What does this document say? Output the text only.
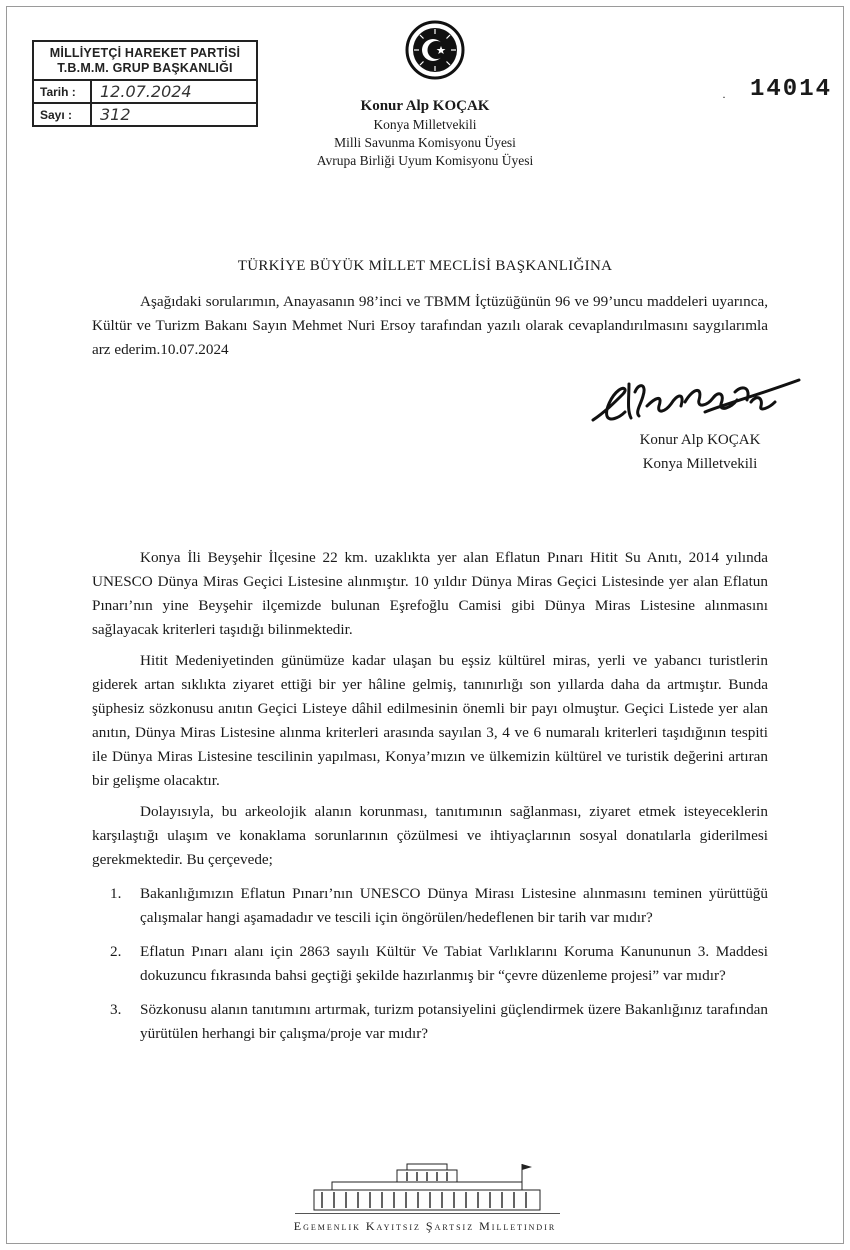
MİLLİYETÇİ HAREKET PARTİSİ
T.B.M.M. GRUP BAŞKANLIĞI
Tarih :	12.07.2024
Sayı :	312
14014
·
Konur Alp KOÇAK
Konya Milletvekili
Milli Savunma Komisyonu Üyesi
Avrupa Birliği Uyum Komisyonu Üyesi
TÜRKİYE BÜYÜK MİLLET MECLİSİ BAŞKANLIĞINA

Aşağıdaki sorularımın, Anayasanın 98’inci ve TBMM İçtüzüğünün 96 ve 99’uncu maddeleri uyarınca, Kültür ve Turizm Bakanı Sayın Mehmet Nuri Ersoy tarafından yazılı olarak cevaplandırılmasını saygılarımla arz ederim.10.07.2024

Konur Alp KOÇAK
Konya Milletvekili

Konya İli Beyşehir İlçesine 22 km. uzaklıkta yer alan Eflatun Pınarı Hitit Su Anıtı, 2014 yılında UNESCO Dünya Miras Geçici Listesine alınmıştır. 10 yıldır Dünya Miras Geçici Listesinde yer alan Eflatun Pınarı’nın yine Beyşehir ilçemizde bulunan Eşrefoğlu Camisi gibi Dünya Miras Listesine alınmasını sağlayacak kriterleri taşıdığı bilinmektedir.

Hitit Medeniyetinden günümüze kadar ulaşan bu eşsiz kültürel miras, yerli ve yabancı turistlerin giderek artan sıklıkta ziyaret ettiği bir yer hâline gelmiş, tanınırlığı son yıllarda daha da artmıştır. Bunda şüphesiz sözkonusu anıtın Geçici Listeye dâhil edilmesinin önemli bir payı olmuştur. Geçici Listede yer alan anıtın, Dünya Miras Listesine alınma kriterleri arasında sayılan 3, 4 ve 6 numaralı kriterleri taşıdığının tespiti ile Dünya Miras Listesine tescilinin yapılması, Konya’mızın ve ülkemizin kültürel ve turistik değerini artıran bir gelişme olacaktır.

Dolayısıyla, bu arkeolojik alanın korunması, tanıtımının sağlanması, ziyaret etmek isteyeceklerin karşılaştığı ulaşım ve konaklama sorunlarının çözülmesi ve ihtiyaçlarının sosyal donatılarla giderilmesi gerekmektedir. Bu çerçevede;

1. Bakanlığımızın Eflatun Pınarı’nın UNESCO Dünya Mirası Listesine alınmasını teminen yürüttüğü çalışmalar hangi aşamadadır ve tescili için öngörülen/hedeflenen bir tarih var mıdır?
2. Eflatun Pınarı alanı için 2863 sayılı Kültür Ve Tabiat Varlıklarını Koruma Kanununun 3. Maddesi dokuzuncu fıkrasında bahsi geçtiği şekilde hazırlanmış bir “çevre düzenleme projesi” var mıdır?
3. Sözkonusu alanın tanıtımını artırmak, turizm potansiyelini güçlendirmek üzere Bakanlığınız tarafından yürütülen herhangi bir çalışma/proje var mıdır?
Egemenlik Kayıtsız Şartsız Milletindir
